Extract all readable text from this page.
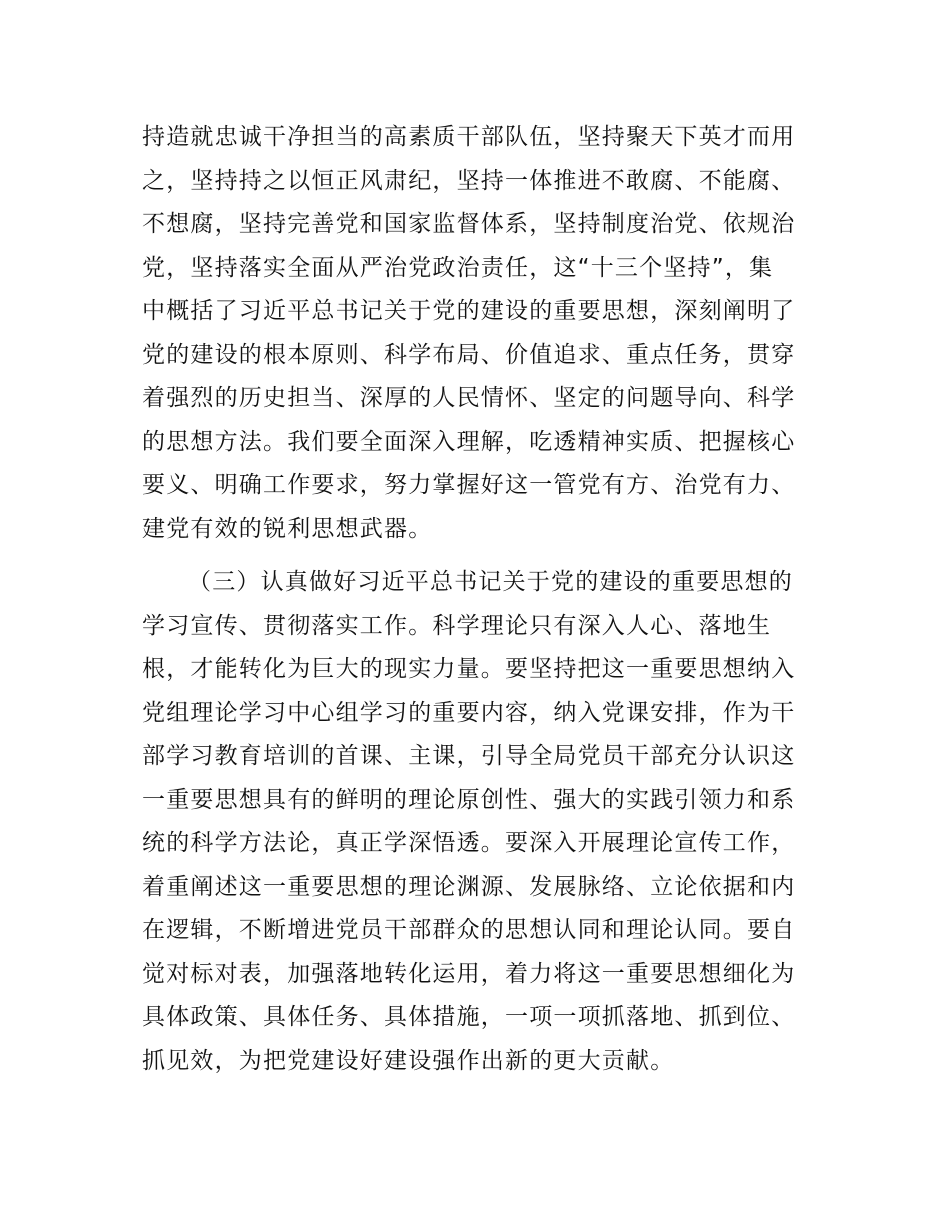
持造就忠诚干净担当的高素质干部队伍，坚持聚天下英才而用
之，坚持持之以恒正风肃纪，坚持一体推进不敢腐、不能腐、
不想腐，坚持完善党和国家监督体系，坚持制度治党、依规治
党，坚持落实全面从严治党政治责任，这“十三个坚持”，集
中概括了习近平总书记关于党的建设的重要思想，深刻阐明了
党的建设的根本原则、科学布局、价值追求、重点任务，贯穿
着强烈的历史担当、深厚的人民情怀、坚定的问题导向、科学
的思想方法。我们要全面深入理解，吃透精神实质、把握核心
要义、明确工作要求，努力掌握好这一管党有方、治党有力、
建党有效的锐利思想武器。
（三）认真做好习近平总书记关于党的建设的重要思想的
学习宣传、贯彻落实工作。科学理论只有深入人心、落地生
根，才能转化为巨大的现实力量。要坚持把这一重要思想纳入
党组理论学习中心组学习的重要内容，纳入党课安排，作为干
部学习教育培训的首课、主课，引导全局党员干部充分认识这
一重要思想具有的鲜明的理论原创性、强大的实践引领力和系
统的科学方法论，真正学深悟透。要深入开展理论宣传工作，
着重阐述这一重要思想的理论渊源、发展脉络、立论依据和内
在逻辑，不断增进党员干部群众的思想认同和理论认同。要自
觉对标对表，加强落地转化运用，着力将这一重要思想细化为
具体政策、具体任务、具体措施，一项一项抓落地、抓到位、
抓见效，为把党建设好建设强作出新的更大贡献。
